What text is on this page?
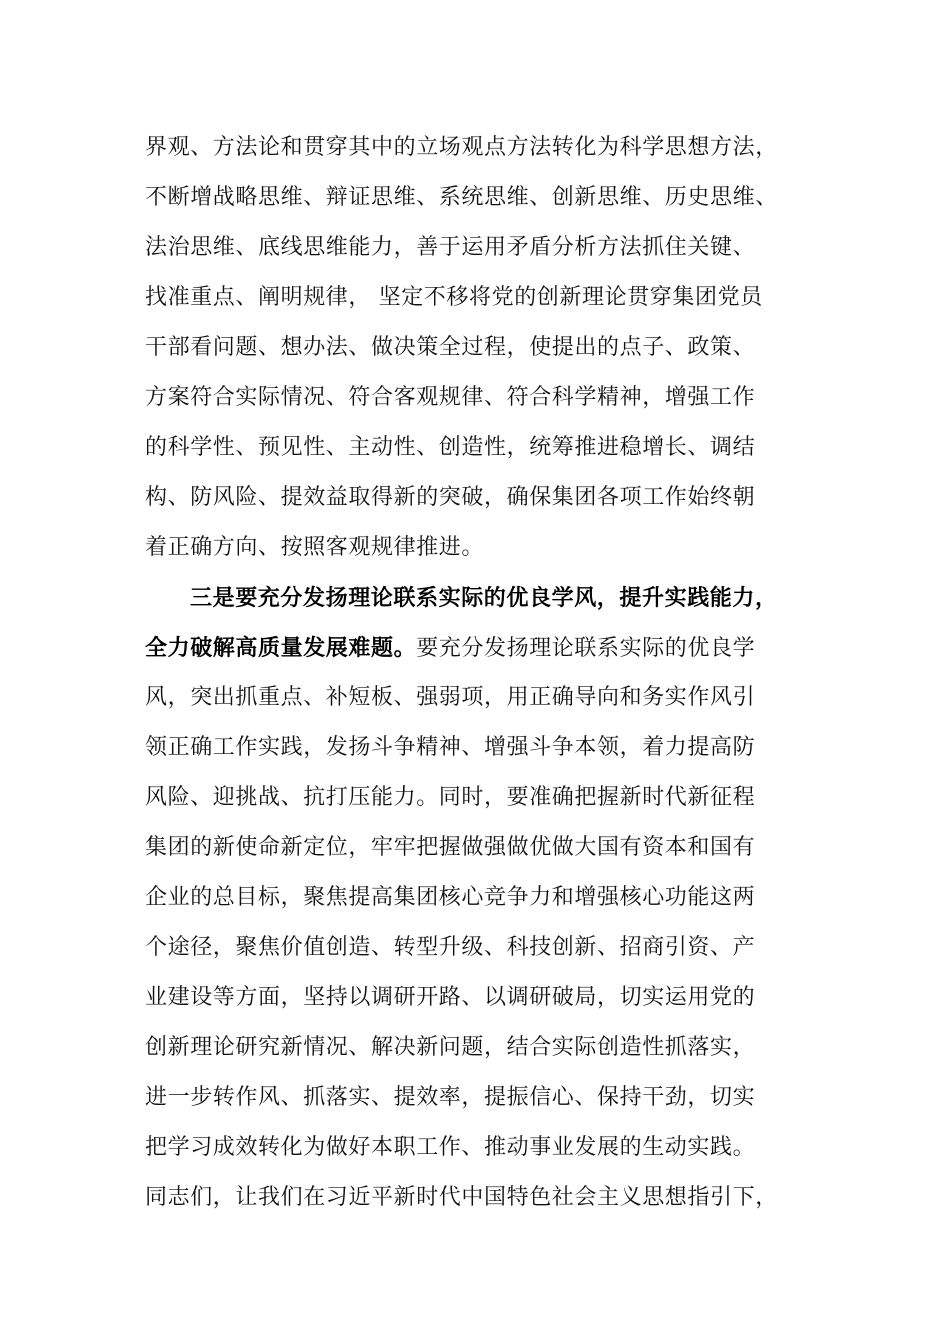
界观、方法论和贯穿其中的立场观点方法转化为科学思想方法，
不断增战略思维、辩证思维、系统思维、创新思维、历史思维、
法治思维、底线思维能力，善于运用矛盾分析方法抓住关键、
找准重点、阐明规律， 坚定不移将党的创新理论贯穿集团党员
干部看问题、想办法、做决策全过程，使提出的点子、政策、
方案符合实际情况、符合客观规律、符合科学精神，增强工作
的科学性、预见性、主动性、创造性，统筹推进稳增长、调结
构、防风险、提效益取得新的突破，确保集团各项工作始终朝
着正确方向、按照客观规律推进。
三是要充分发扬理论联系实际的优良学风，提升实践能力，
全力破解高质量发展难题。要充分发扬理论联系实际的优良学
风，突出抓重点、补短板、强弱项，用正确导向和务实作风引
领正确工作实践，发扬斗争精神、增强斗争本领，着力提高防
风险、迎挑战、抗打压能力。同时，要准确把握新时代新征程
集团的新使命新定位，牢牢把握做强做优做大国有资本和国有
企业的总目标，聚焦提高集团核心竞争力和增强核心功能这两
个途径，聚焦价值创造、转型升级、科技创新、招商引资、产
业建设等方面，坚持以调研开路、以调研破局，切实运用党的
创新理论研究新情况、解决新问题，结合实际创造性抓落实，
进一步转作风、抓落实、提效率，提振信心、保持干劲，切实
把学习成效转化为做好本职工作、推动事业发展的生动实践。
同志们，让我们在习近平新时代中国特色社会主义思想指引下，
